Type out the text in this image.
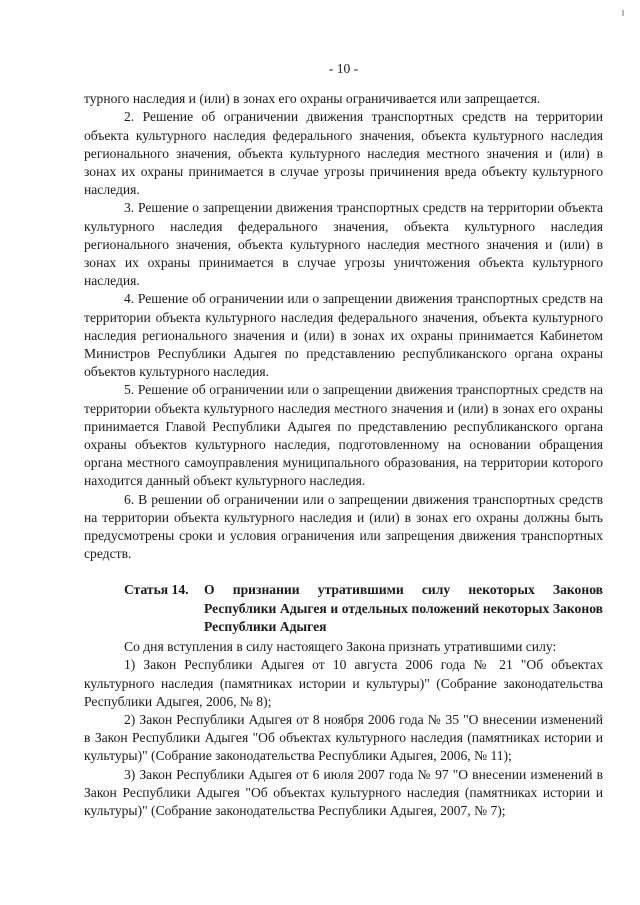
- 10 -

турного наследия и (или) в зонах его охраны ограничивается или запрещается.

2. Решение об ограничении движения транспортных средств на территории объекта культурного наследия федерального значения, объекта культурного наследия регионального значения, объекта культурного наследия местного значения и (или) в зонах их охраны принимается в случае угрозы причинения вреда объекту культурного наследия.

3. Решение о запрещении движения транспортных средств на территории объекта культурного наследия федерального значения, объекта культурного наследия регионального значения, объекта культурного наследия местного значения и (или) в зонах их охраны принимается в случае угрозы уничтожения объекта культурного наследия.

4. Решение об ограничении или о запрещении движения транспортных средств на территории объекта культурного наследия федерального значения, объекта культурного наследия регионального значения и (или) в зонах их охраны принимается Кабинетом Министров Республики Адыгея по представлению республиканского органа охраны объектов культурного наследия.

5. Решение об ограничении или о запрещении движения транспортных средств на территории объекта культурного наследия местного значения и (или) в зонах его охраны принимается Главой Республики Адыгея по представлению республиканского органа охраны объектов культурного наследия, подготовленному на основании обращения органа местного самоуправления муниципального образования, на территории которого находится данный объект культурного наследия.

6. В решении об ограничении или о запрещении движения транспортных средств на территории объекта культурного наследия и (или) в зонах его охраны должны быть предусмотрены сроки и условия ограничения или запрещения движения транспортных средств.

Статья 14.	О признании утратившими силу некоторых Законов Республики Адыгея и отдельных положений некоторых Законов Республики Адыгея

Со дня вступления в силу настоящего Закона признать утратившими силу:

1) Закон Республики Адыгея от 10 августа 2006 года № 21 "Об объектах культурного наследия (памятниках истории и культуры)" (Собрание законодательства Республики Адыгея, 2006, № 8);

2) Закон Республики Адыгея от 8 ноября 2006 года № 35 "О внесении изменений в Закон Республики Адыгея "Об объектах культурного наследия (памятниках истории и культуры)" (Собрание законодательства Республики Адыгея, 2006, № 11);

3) Закон Республики Адыгея от 6 июля 2007 года № 97 "О внесении изменений в Закон Республики Адыгея "Об объектах культурного наследия (памятниках истории и культуры)" (Собрание законодательства Республики Адыгея, 2007, № 7);
